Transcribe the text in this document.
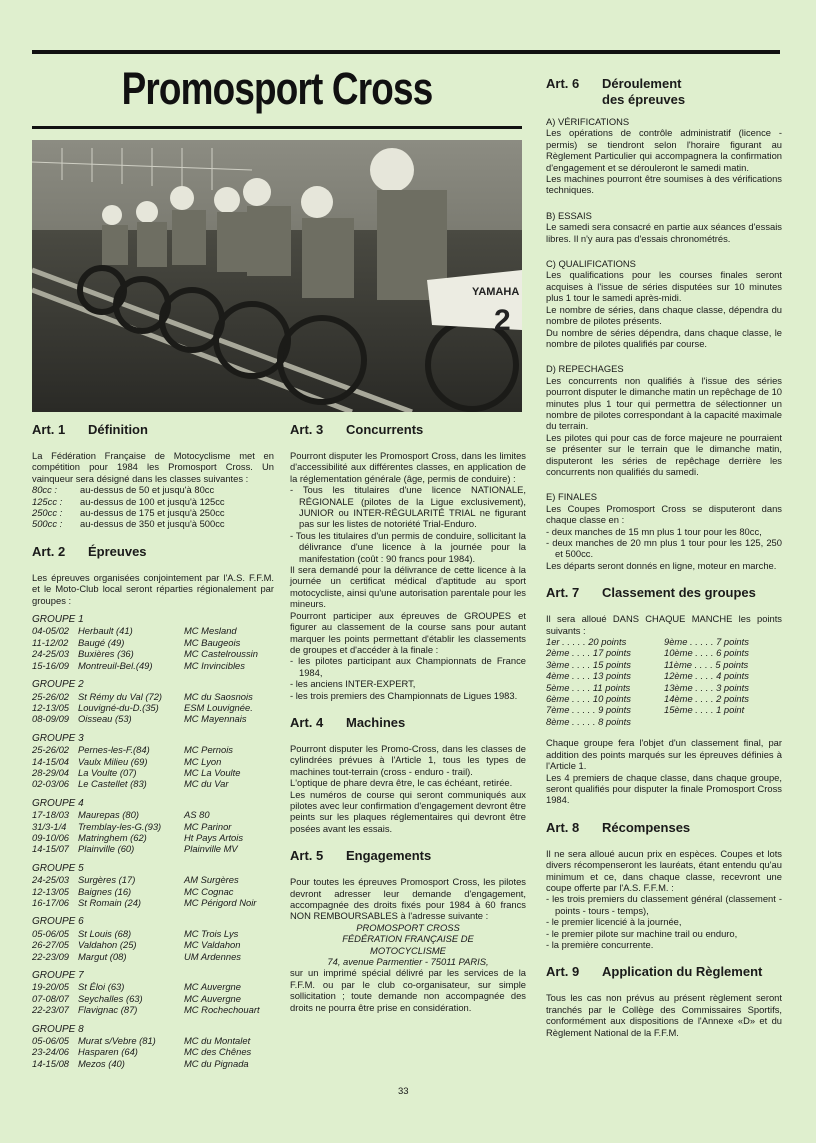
Promosport Cross
YAMAHA
2
Art. 1	Définition

La Fédération Française de Motocyclisme met en compétition pour 1984 les Promosport Cross. Un vainqueur sera désigné dans les classes suivantes :

80cc :	au-dessus de 50 et jusqu'à 80cc
125cc :	au-dessus de 100 et jusqu'à 125cc
250cc :	au-dessus de 175 et jusqu'à 250cc
500cc :	au-dessus de 350 et jusqu'à 500cc
Art. 2	Épreuves

Les épreuves organisées conjointement par l'A.S. F.F.M. et le Moto-Club local seront réparties régionalement par groupes :

GROUPE 1
04-05/02 Herbault (41)	MC Mesland
11-12/02	Baugé (49)	MC Baugeois
24-25/03 Buxières (36)	MC Castelroussin
15-16/09 Montreuil-Bel.(49)	MC Invincibles
GROUPE 2
25-26/02 St Rémy du Val (72)	MC du Saosnois
12-13/05 Louvigné-du-D.(35)	ESM Louvignée.
08-09/09 Oisseau (53)	MC Mayennais
GROUPE 3
25-26/02 Pernes-les-F.(84)	MC Pernois
14-15/04 Vaulx Milieu (69)	MC Lyon
28-29/04 La Voulte (07)	MC La Voulte
02-03/06 Le Castellet (83)	MC du Var
GROUPE 4
17-18/03 Maurepas (80)	AS 80
31/3-1/4	Tremblay-les-G.(93)	MC Parinor
09-10/06 Matringhem (62)	Ht Pays Artois
14-15/07 Plainville (60)	Plainville MV
GROUPE 5
24-25/03 Surgères (17)	AM Surgères
12-13/05 Baignes (16)	MC Cognac
16-17/06 St Romain (24)	MC Périgord Noir
GROUPE 6
05-06/05 St Louis (68)	MC Trois Lys
26-27/05 Valdahon (25)	MC Valdahon
22-23/09 Margut (08)	UM Ardennes
GROUPE 7
19-20/05 St Éloi (63)	MC Auvergne
07-08/07 Seychalles (63)	MC Auvergne
22-23/07 Flavignac (87)	MC Rochechouart
GROUPE 8
05-06/05 Murat s/Vebre (81)	MC du Montalet
23-24/06 Hasparen (64)	MC des Chênes
14-15/08 Mezos (40)	MC du Pignada
Art. 3	Concurrents

Pourront disputer les Promosport Cross, dans les limites d'accessibilité aux différentes classes, en application de la réglementation générale (âge, permis de conduire) :

- Tous les titulaires d'une licence NATIONALE, RÉGIONALE (pilotes de la Ligue exclusivement), JUNIOR ou INTER-RÉGULARITÉ TRIAL ne figurant pas sur les listes de notoriété Trial-Enduro.

- Tous les titulaires d'un permis de conduire, sollicitant la délivrance d'une licence à la journée pour la manifestation (coût : 90 francs pour 1984).

Il sera demandé pour la délivrance de cette licence à la journée un certificat médical d'aptitude au sport motocycliste, ainsi qu'une autorisation parentale pour les mineurs.

Pourront participer aux épreuves de GROUPES et figurer au classement de la course sans pour autant marquer les points permettant d'établir les classements de groupes et d'accéder à la finale :

- les pilotes participant aux Championnats de France 1984,

- les anciens INTER-EXPERT,

- les trois premiers des Championnats de Ligues 1983.

Art. 4	Machines

Pourront disputer les Promo-Cross, dans les classes de cylindrées prévues à l'Article 1, tous les types de machines tout-terrain (cross - enduro - trail).

L'optique de phare devra être, le cas échéant, retirée.

Les numéros de course qui seront communiqués aux pilotes avec leur confirmation d'engagement devront être peints sur les plaques réglementaires qui devront être posées avant les essais.

Art. 5	Engagements

Pour toutes les épreuves Promosport Cross, les pilotes devront adresser leur demande d'engagement, accompagnée des droits fixés pour 1984 à 60 francs NON REMBOURSABLES à l'adresse suivante :

PROMOSPORT CROSS
FÉDÉRATION FRANÇAISE DE
MOTOCYCLISME
74, avenue Parmentier - 75011 PARIS,

sur un imprimé spécial délivré par les services de la F.F.M. ou par le club co-organisateur, sur simple sollicitation ; toute demande non accompagnée des droits ne pourra être prise en considération.

Art. 6	Déroulement
des épreuves

A) VÉRIFICATIONS

Les opérations de contrôle administratif (licence - permis) se tiendront selon l'horaire figurant au Règlement Particulier qui accompagnera la confirmation d'engagement et se dérouleront le samedi matin.

Les machines pourront être soumises à des vérifications techniques.

B) ESSAIS

Le samedi sera consacré en partie aux séances d'essais libres. Il n'y aura pas d'essais chronométrés.

C) QUALIFICATIONS

Les qualifications pour les courses finales seront acquises à l'issue de séries disputées sur 10 minutes plus 1 tour le samedi après-midi.

Le nombre de séries, dans chaque classe, dépendra du nombre de pilotes présents.

Du nombre de séries dépendra, dans chaque classe, le nombre de pilotes qualifiés par course.

D) REPECHAGES

Les concurrents non qualifiés à l'issue des séries pourront disputer le dimanche matin un repêchage de 10 minutes plus 1 tour qui permettra de sélectionner un nombre de pilotes correspondant à la capacité maximale du terrain.

Les pilotes qui pour cas de force majeure ne pourraient se présenter sur le terrain que le dimanche matin, disputeront les séries de repêchage derrière les concurrents non qualifiés du samedi.

E) FINALES

Les Coupes Promosport Cross se disputeront dans chaque classe en :

- deux manches de 15 mn plus 1 tour pour les 80cc,

- deux manches de 20 mn plus 1 tour pour les 125, 250 et 500cc.

Les départs seront donnés en ligne, moteur en marche.

Art. 7	Classement des groupes

Il sera alloué DANS CHAQUE MANCHE les points suivants :

1er . . . . . 20 points
2ème . . . . 17 points
3ème . . . . 15 points
4ème . . . . 13 points
5ème . . . . 11 points
6ème . . . . 10 points
7ème . . . . . 9 points
8ème . . . . . 8 points
9ème . . . . . 7 points
10ème . . . . 6 points
11ème . . . . 5 points
12ème . . . . 4 points
13ème . . . . 3 points
14ème . . . . 2 points
15ème . . . . 1 point

Chaque groupe fera l'objet d'un classement final, par addition des points marqués sur les épreuves définies à l'Article 1.

Les 4 premiers de chaque classe, dans chaque groupe, seront qualifiés pour disputer la finale Promosport Cross 1984.

Art. 8	Récompenses

Il ne sera alloué aucun prix en espèces. Coupes et lots divers récompenseront les lauréats, étant entendu qu'au minimum et ce, dans chaque classe, recevront une coupe offerte par l'A.S. F.F.M. :

- les trois premiers du classement général (classement - points - tours - temps),

- le premier licencié à la journée,

- le premier pilote sur machine trail ou enduro,

- la première concurrente.

Art. 9	Application du Règlement

Tous les cas non prévus au présent règlement seront tranchés par le Collège des Commissaires Sportifs, conformément aux dispositions de l'Annexe «D» et du Règlement National de la F.F.M.

33
